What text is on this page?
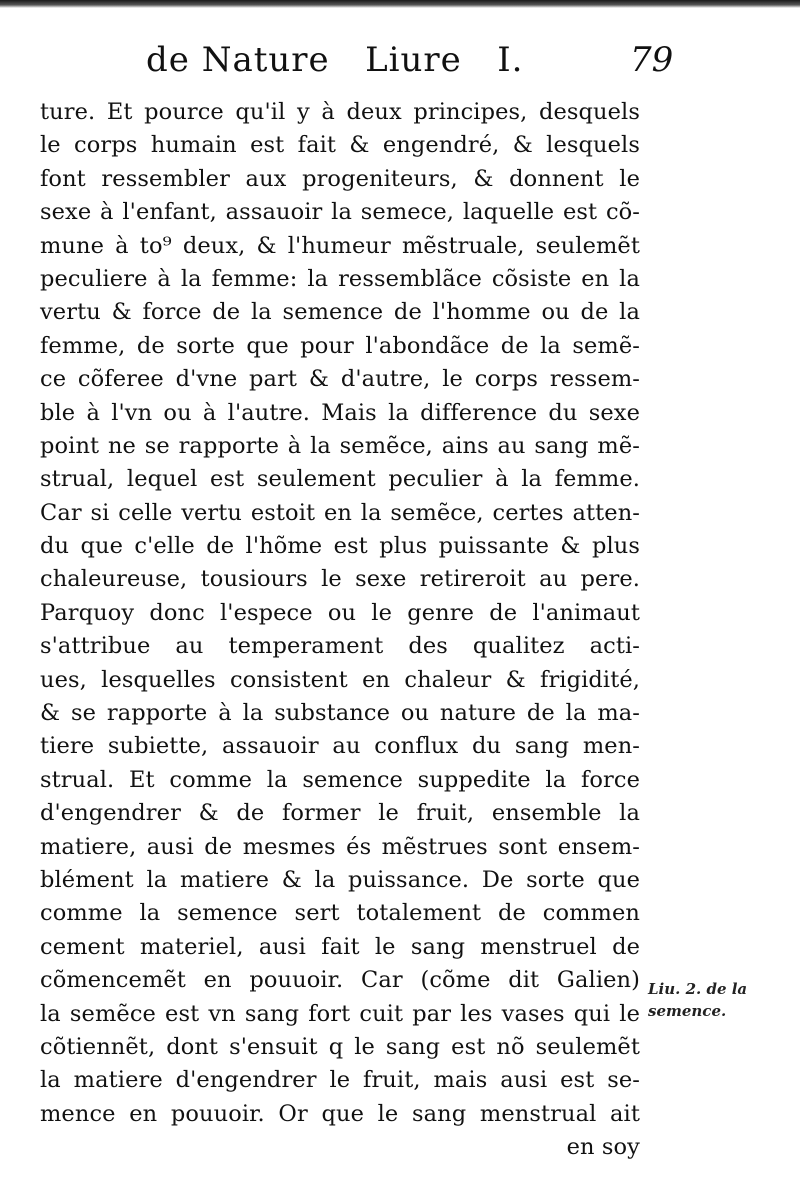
de Nature   Liure   I.	79
ture. Et pource qu'il y à deux principes, desquels
le corps humain est fait & engendré, & lesquels
font ressembler aux progeniteurs, & donnent le
sexe à l'enfant, assauoir la semece, laquelle est cõ-
mune à to⁹ deux, & l'humeur mẽstruale, seulemẽt
peculiere à la femme: la ressemblãce cõsiste en la
vertu & force de la semence de l'homme ou de la
femme, de sorte que pour l'abondãce de la semẽ-
ce cõferee d'vne part & d'autre, le corps ressem-
ble à l'vn ou à l'autre. Mais la difference du sexe
point ne se rapporte à la semẽce, ains au sang mẽ-
strual, lequel est seulement peculier à la femme.
Car si celle vertu estoit en la semẽce, certes atten-
du que c'elle de l'hõme est plus puissante & plus
chaleureuse, tousiours le sexe retireroit au pere.
Parquoy donc l'espece ou le genre de l'animaut
s'attribue au temperament des qualitez acti-
ues, lesquelles consistent en chaleur & frigidité,
& se rapporte à la substance ou nature de la ma-
tiere subiette, assauoir au conflux du sang men-
strual. Et comme la semence suppedite la force
d'engendrer & de former le fruit, ensemble la
matiere, ausi de mesmes és mẽstrues sont ensem-
blément la matiere & la puissance. De sorte que
comme la semence sert totalement de commen
cement materiel, ausi fait le sang menstruel de
cõmencemẽt en pouuoir. Car (cõme dit Galien)
la semẽce est vn sang fort cuit par les vases qui le
cõtiennẽt, dont s'ensuit q le sang est nõ seulemẽt
la matiere d'engendrer le fruit, mais ausi est se-
mence en pouuoir. Or que le sang menstrual ait
en soy
Liu. 2. de la
semence.
